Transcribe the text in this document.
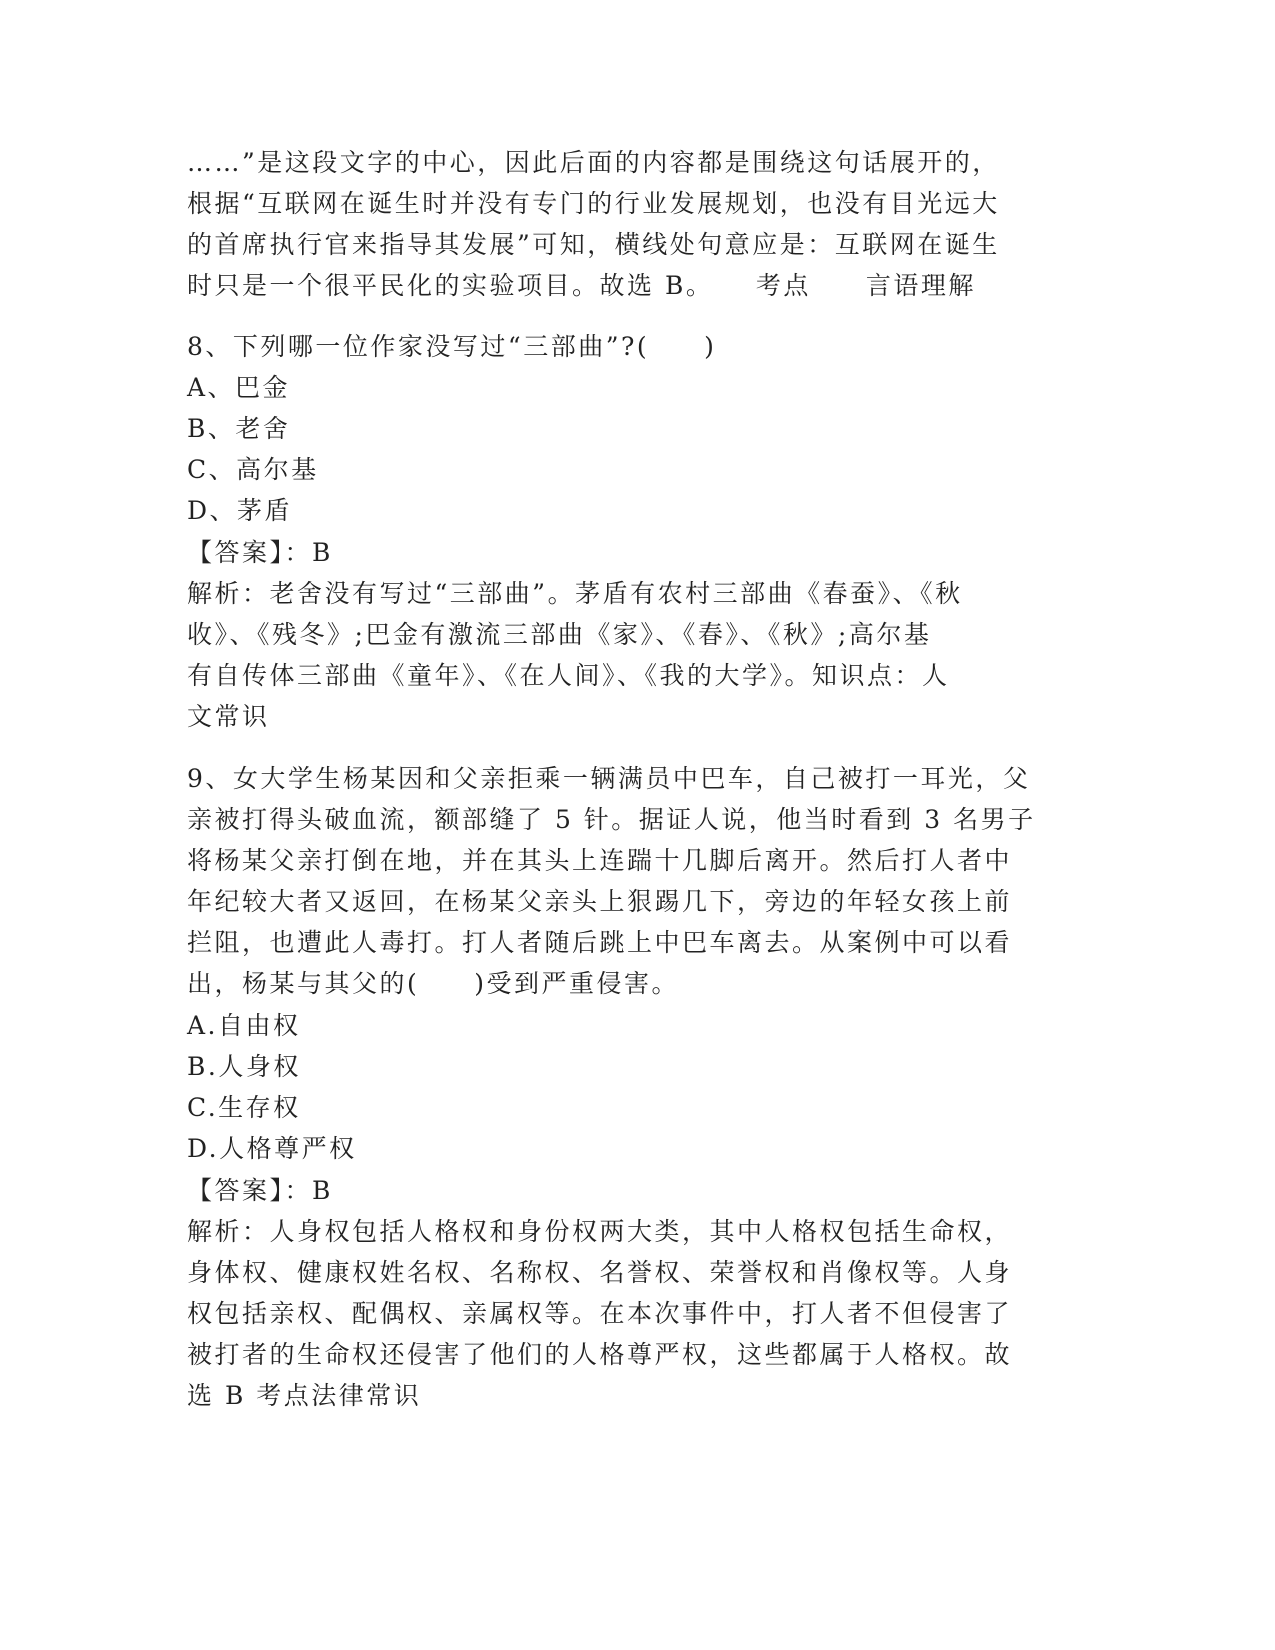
……”是这段文字的中心，因此后面的内容都是围绕这句话展开的，
根据“互联网在诞生时并没有专门的行业发展规划，也没有目光远大
的首席执行官来指导其发展”可知，横线处句意应是：互联网在诞生
时只是一个很平民化的实验项目。故选 B。　　考点　　言语理解
8、下列哪一位作家没写过“三部曲”?(　　)
A、巴金
B、老舍
C、高尔基
D、茅盾
【答案】：B
解析：老舍没有写过“三部曲”。茅盾有农村三部曲《春蚕》、《秋
收》、《残冬》;巴金有激流三部曲《家》、《春》、《秋》;高尔基
有自传体三部曲《童年》、《在人间》、《我的大学》。知识点：人
文常识
9、女大学生杨某因和父亲拒乘一辆满员中巴车，自己被打一耳光，父
亲被打得头破血流，额部缝了 5 针。据证人说，他当时看到 3 名男子
将杨某父亲打倒在地，并在其头上连踹十几脚后离开。然后打人者中
年纪较大者又返回，在杨某父亲头上狠踢几下，旁边的年轻女孩上前
拦阻，也遭此人毒打。打人者随后跳上中巴车离去。从案例中可以看
出，杨某与其父的(　　)受到严重侵害。
A.自由权
B.人身权
C.生存权
D.人格尊严权
【答案】：B
解析：人身权包括人格权和身份权两大类，其中人格权包括生命权，
身体权、健康权姓名权、名称权、名誉权、荣誉权和肖像权等。人身
权包括亲权、配偶权、亲属权等。在本次事件中，打人者不但侵害了
被打者的生命权还侵害了他们的人格尊严权，这些都属于人格权。故
选 B 考点法律常识
